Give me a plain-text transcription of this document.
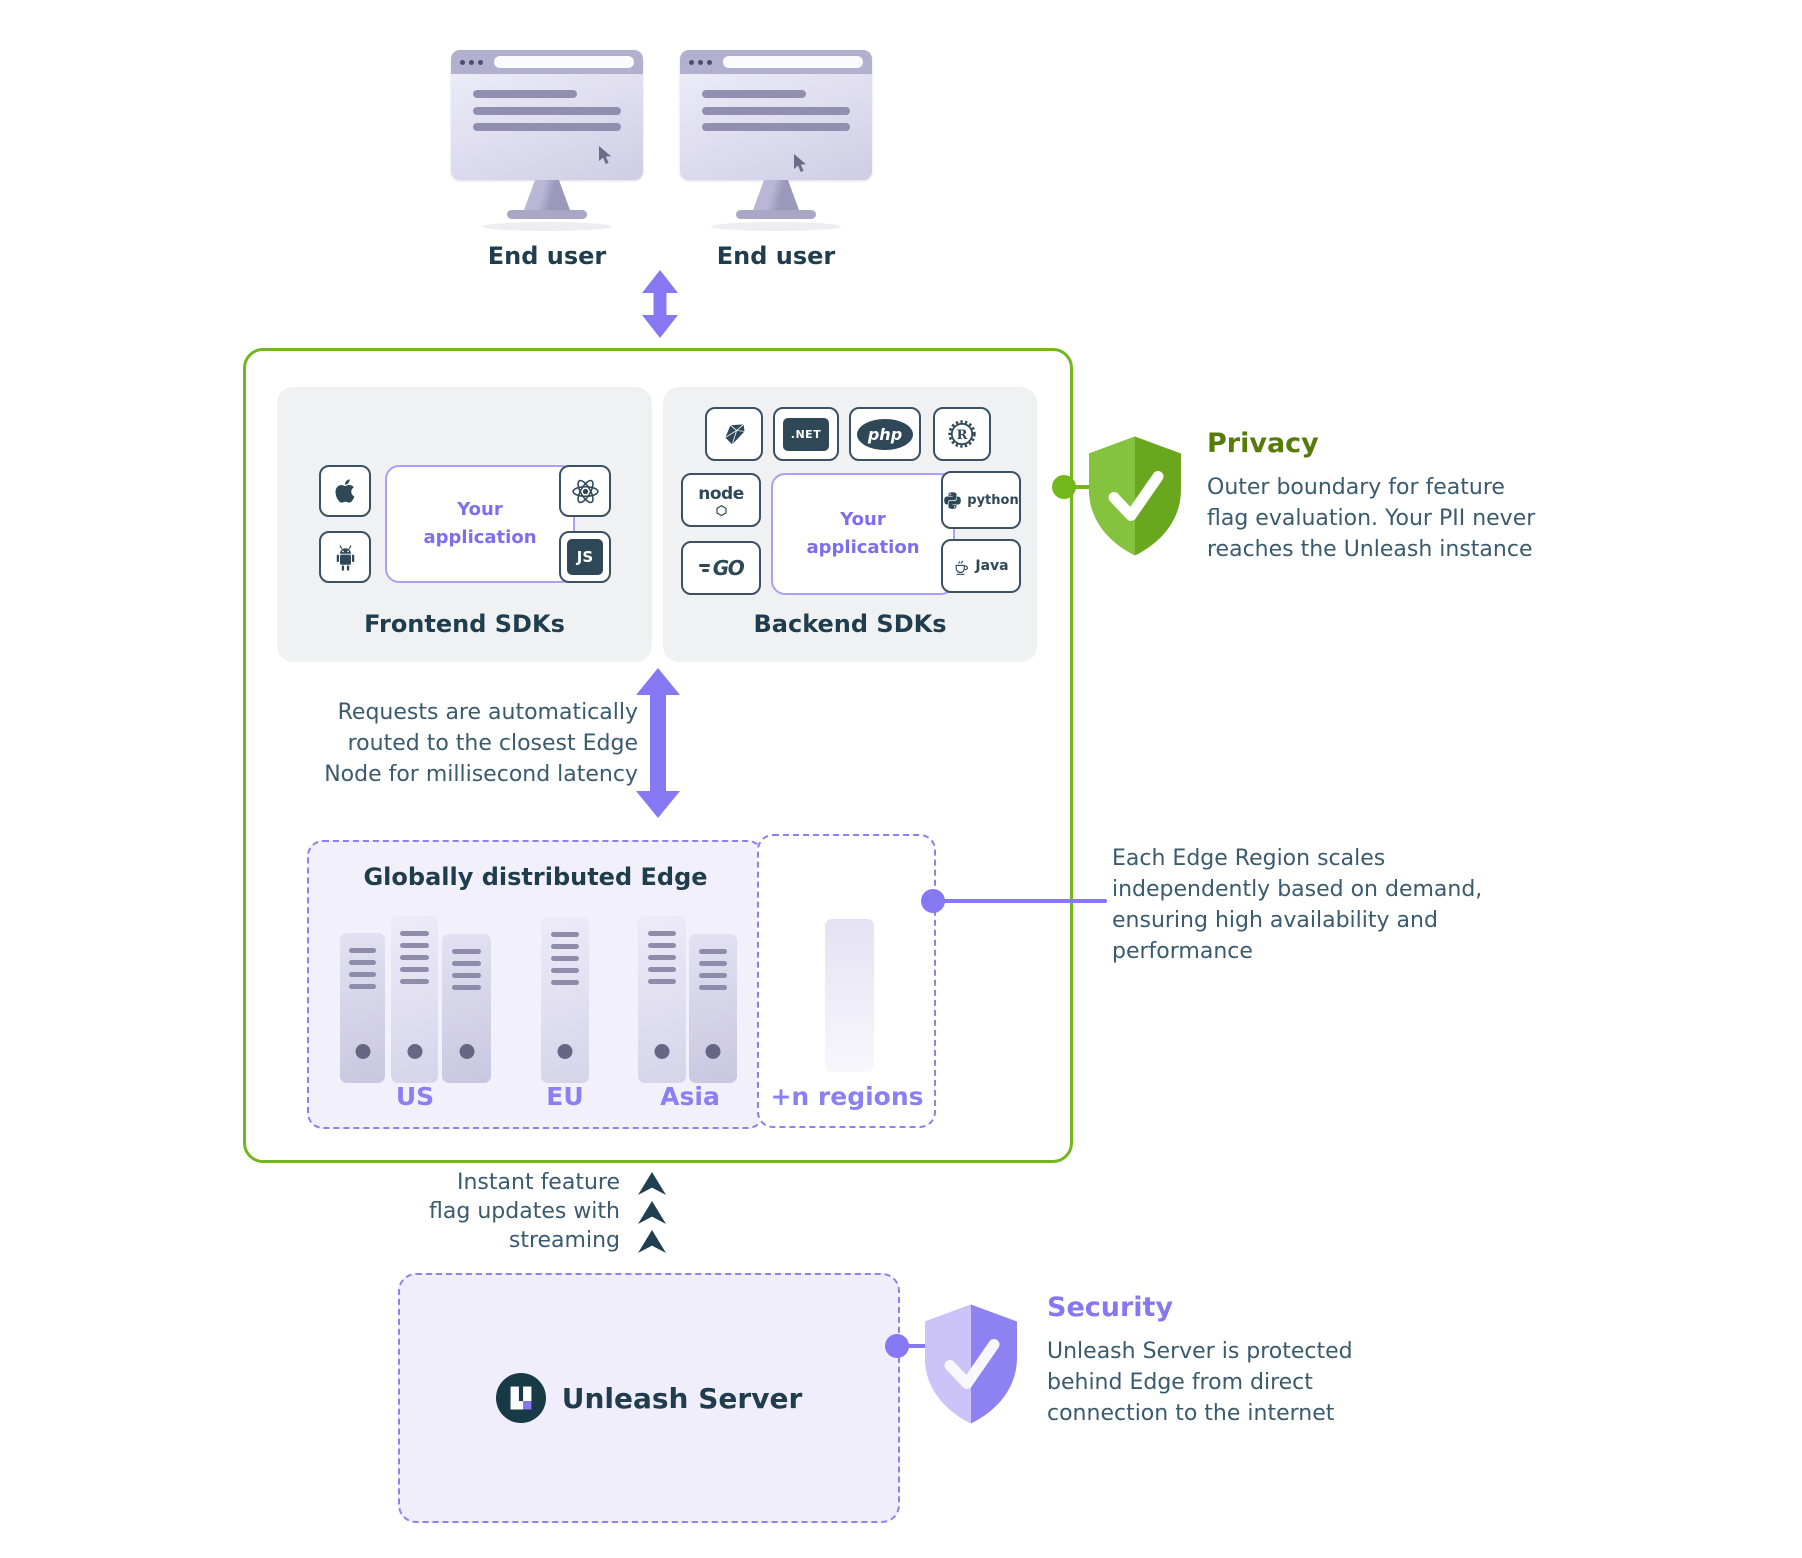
End user	End user
Your application
JS
Frontend SDKs
.NET	php	R
node
GO
Your application
python
Java
Backend SDKs
Privacy
Outer boundary for feature
flag evaluation. Your PII never
reaches the Unleash instance
Requests are automatically
routed to the closest Edge
Node for millisecond latency
Globally distributed Edge
US	EU	Asia +n regions
Each Edge Region scales
independently based on demand,
ensuring high availability and
performance
Instant feature
flag updates with
streaming
Unleash Server
Security
Unleash Server is protected
behind Edge from direct
connection to the internet
